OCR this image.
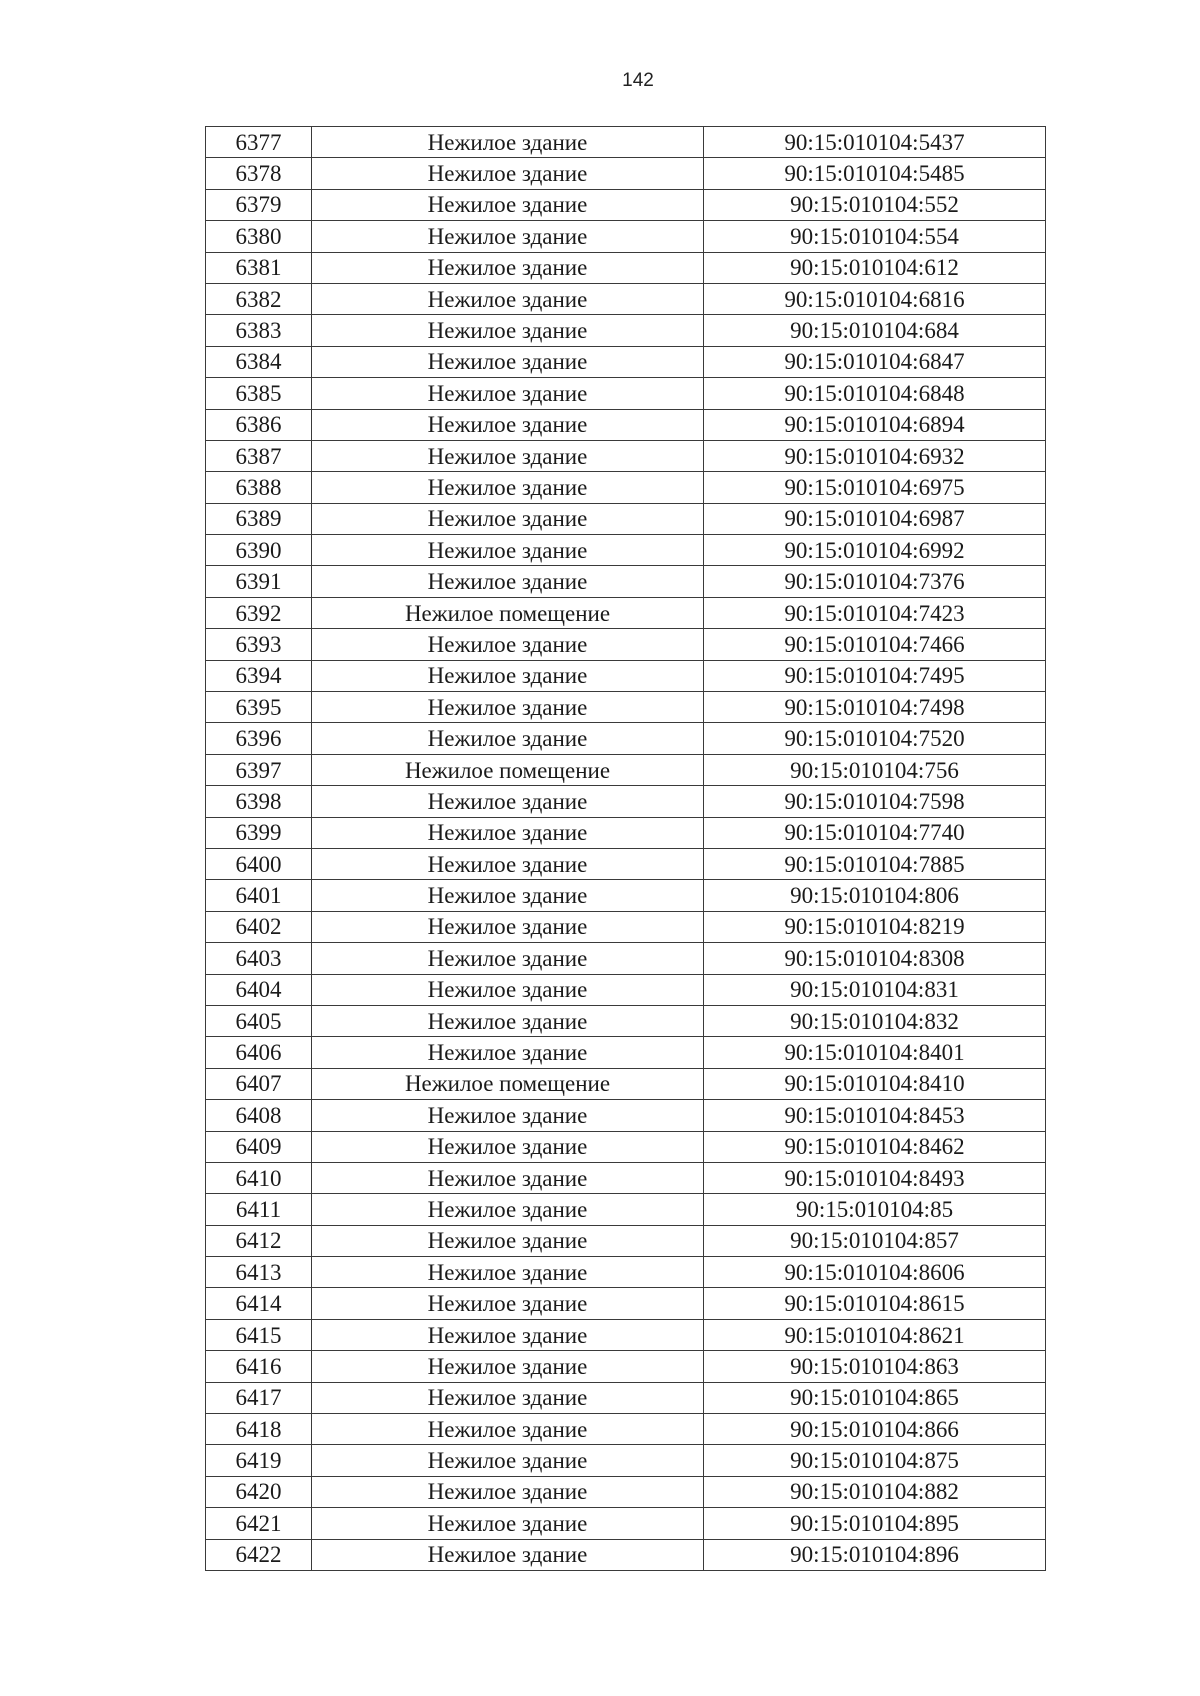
142
6377	Нежилое здание	90:15:010104:5437
6378	Нежилое здание	90:15:010104:5485
6379	Нежилое здание	90:15:010104:552
6380	Нежилое здание	90:15:010104:554
6381	Нежилое здание	90:15:010104:612
6382	Нежилое здание	90:15:010104:6816
6383	Нежилое здание	90:15:010104:684
6384	Нежилое здание	90:15:010104:6847
6385	Нежилое здание	90:15:010104:6848
6386	Нежилое здание	90:15:010104:6894
6387	Нежилое здание	90:15:010104:6932
6388	Нежилое здание	90:15:010104:6975
6389	Нежилое здание	90:15:010104:6987
6390	Нежилое здание	90:15:010104:6992
6391	Нежилое здание	90:15:010104:7376
6392	Нежилое помещение	90:15:010104:7423
6393	Нежилое здание	90:15:010104:7466
6394	Нежилое здание	90:15:010104:7495
6395	Нежилое здание	90:15:010104:7498
6396	Нежилое здание	90:15:010104:7520
6397	Нежилое помещение	90:15:010104:756
6398	Нежилое здание	90:15:010104:7598
6399	Нежилое здание	90:15:010104:7740
6400	Нежилое здание	90:15:010104:7885
6401	Нежилое здание	90:15:010104:806
6402	Нежилое здание	90:15:010104:8219
6403	Нежилое здание	90:15:010104:8308
6404	Нежилое здание	90:15:010104:831
6405	Нежилое здание	90:15:010104:832
6406	Нежилое здание	90:15:010104:8401
6407	Нежилое помещение	90:15:010104:8410
6408	Нежилое здание	90:15:010104:8453
6409	Нежилое здание	90:15:010104:8462
6410	Нежилое здание	90:15:010104:8493
6411	Нежилое здание	90:15:010104:85
6412	Нежилое здание	90:15:010104:857
6413	Нежилое здание	90:15:010104:8606
6414	Нежилое здание	90:15:010104:8615
6415	Нежилое здание	90:15:010104:8621
6416	Нежилое здание	90:15:010104:863
6417	Нежилое здание	90:15:010104:865
6418	Нежилое здание	90:15:010104:866
6419	Нежилое здание	90:15:010104:875
6420	Нежилое здание	90:15:010104:882
6421	Нежилое здание	90:15:010104:895
6422	Нежилое здание	90:15:010104:896
